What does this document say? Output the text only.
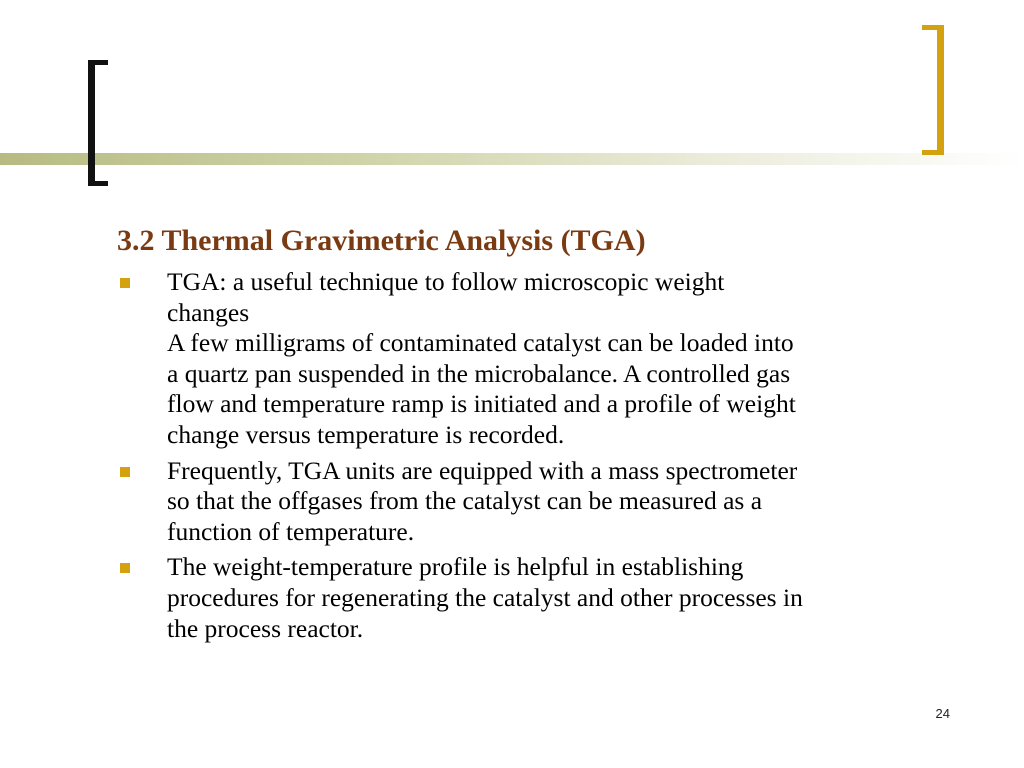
3.2 Thermal Gravimetric Analysis (TGA)
TGA: a useful technique to follow microscopic weight
changes
A few milligrams of contaminated catalyst can be loaded into
a quartz pan suspended in the microbalance. A controlled gas
flow and temperature ramp is initiated and a profile of weight
change versus temperature is recorded.
Frequently, TGA units are equipped with a mass spectrometer
so that the offgases from the catalyst can be measured as a
function of temperature.
The weight-temperature profile is helpful in establishing
procedures for regenerating the catalyst and other processes in
the process reactor.
24
